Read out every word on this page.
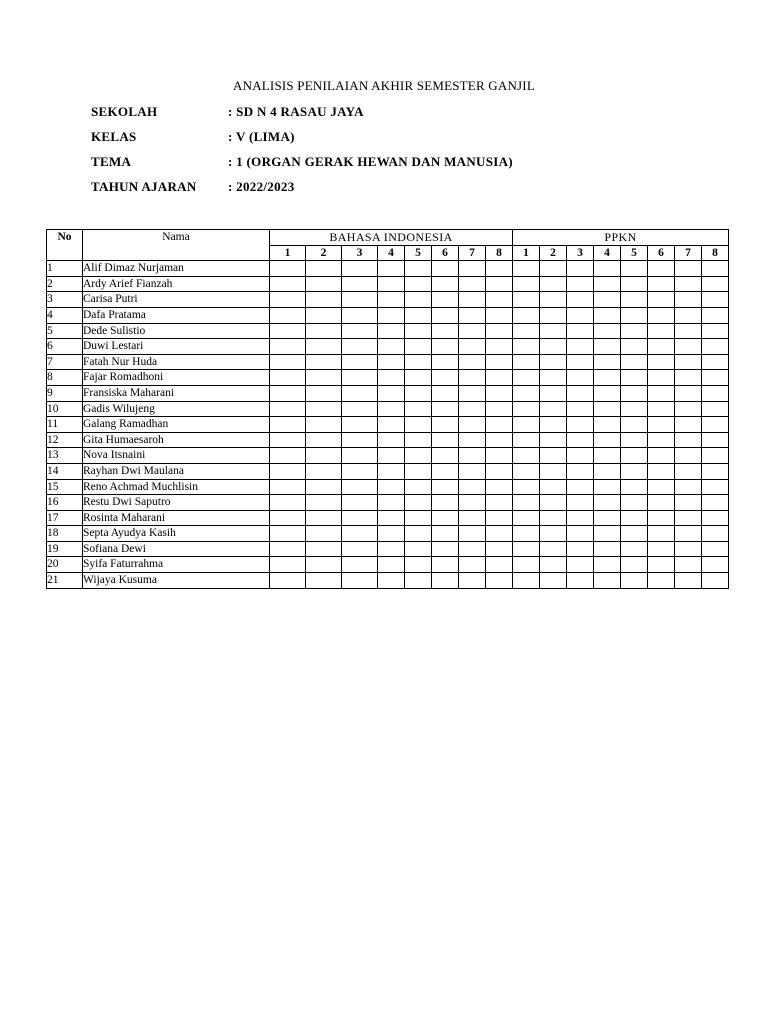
ANALISIS PENILAIAN AKHIR SEMESTER GANJIL
SEKOLAH	: SD N 4 RASAU JAYA
KELAS	: V (LIMA)
TEMA	: 1 (ORGAN GERAK HEWAN DAN MANUSIA)
TAHUN AJARAN : 2022/2023
No	Nama	BAHASA INDONESIA								PPKN							
		1	2	3	4	5	6	7	8	1	2	3	4	5	6	7	8
1	Alif Dimaz Nurjaman																
2	Ardy Arief Fianzah																
3	Carisa Putri																
4	Dafa Pratama																
5	Dede Sulistio																
6	Duwi Lestari																
7	Fatah Nur Huda																
8	Fajar Romadhoni																
9	Fransiska Maharani																
10	Gadis Wilujeng																
11	Galang Ramadhan																
12	Gita Humaesaroh																
13	Nova Itsnaini																
14	Rayhan Dwi Maulana																
15	Reno Achmad Muchlisin																
16	Restu Dwi Saputro																
17	Rosinta Maharani																
18	Septa Ayudya Kasih																
19	Sofiana Dewi																
20	Syifa Faturrahma																
21	Wijaya Kusuma																
